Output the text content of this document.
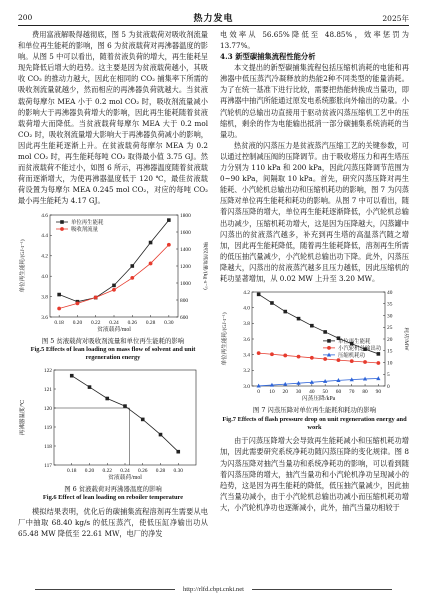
200	热力发电	2025年

费用富液解吸得越彻底，图 5 为贫液载荷对吸收剂流量和单位再生能耗的影响，图 6 为贫液载荷对再沸器温度的影响。从图 5 中可以看出，随着贫液负荷的增大，再生能耗呈现先降低后增大的趋势。这主要是因为贫液载荷越小，其吸收 CO₂ 的推动力越大，因此在相同的 CO₂ 捕集率下所需的吸收剂流量就越少，然而相应的再沸器负荷就越大。当贫液载荷每摩尔 MEA 小于 0.2 mol CO₂ 时，吸收剂流量减小的影响大于再沸器负荷增大的影响，因此再生能耗随着贫液载荷增大而降低。当贫液载荷每摩尔 MEA 大于 0.2 mol CO₂ 时，吸收剂流量增大影响大于再沸器负荷减小的影响，因此再生能耗逐渐上升。在贫液载荷每摩尔 MEA 为 0.2 mol CO₂ 时，再生能耗每吨 CO₂ 取得最小值 3.75 GJ。然而贫液载荷不能过小，如图 6 所示，再沸器温度随着贫液载荷而逐渐增大，为使再沸器温度低于 120 ℃，最佳贫液载荷设置为每摩尔 MEA 0.245 mol CO₂，对应的每吨 CO₂ 最小再生能耗为 4.17 GJ。

0.18 0.20 0.22 0.24 0.26 0.28 0.30
3.6
3.8
4.0
4.2
4.4
4.6
600
800
1000
1200
1400
1600
1800
贫液载荷/mol
单位再生能耗/(GJ·t⁻¹)	吸收剂流量/(kg·s⁻¹)
单位再生能耗
吸收剂流量
图 5 贫液载荷对吸收剂流量和单位再生能耗的影响
Fig.5 Effects of lean loading on mass flow of solvent and unit regeneration energy
0.18 0.20 0.22 0.24 0.26 0.28 0.30
117
118
119
120
121
122
贫液载荷/mol
再沸器温度/℃
图 6 贫液载荷对再沸器温度的影响
Fig.6 Effect of lean loading on reboiler temperature

模拟结果表明，优化后的碳捕集流程溶剂再生需要从电厂中抽取 68.40 kg/s 的低压蒸汽，使低压缸净输出功从 65.48 MW 降低至 22.61 MW，电厂的净发

电效率从 56.65%降低至 48.85%，效率惩罚为 13.77%。

4.3 新型碳捕集流程性能分析

本文提出的新型碳捕集流程包括压缩机消耗的电能和再沸器中低压蒸汽冷凝释放的热能2种不同类型的能量消耗。为了在统一基准下进行比较，需要把热能转换成当量功，即再沸器中抽汽所能通过原发电系统膨胀向外输出的功量。小汽轮机的总输出功直接用于驱动贫液闪蒸压缩机工艺中的压缩机，剩余的作为电能输出抵消一部分碳捕集系统消耗的当量功。

热贫液的闪蒸压力是贫液蒸汽压缩工艺的关键参数，可以通过控制减压阀的压降调节。由于吸收塔压力和再生塔压力分别为 110 kPa 和 200 kPa，因此闪蒸压降调节范围为 0~90 kPa，间隔取 10 kPa。首先，研究闪蒸压降对再生能耗、小汽轮机总输出功和压缩机耗功的影响，图 7 为闪蒸压降对单位再生能耗和耗功的影响。从图 7 中可以看出，随着闪蒸压降的增大，单位再生能耗逐渐降低，小汽轮机总输出功减少，压缩机耗功增大，这是因为压降越大，闪蒸罐中闪蒸出的贫液蒸汽越多，补充到再生塔的高温蒸汽随之增加，因此再生能耗降低，随着再生能耗降低，溶剂再生所需的低压抽汽量减少，小汽轮机总输出功下降。此外，闪蒸压降越大，闪蒸出的贫液蒸汽越多且压力越低，因此压缩机的耗功显著增加，从 0.02 MW 上升至 3.20 MW。

0 10 20 30 40 50 60 70 80 90
3.0
3.2
3.4
3.6
3.8
4.0
4.2
0
5
10
15
20
25
30
35
40
闪蒸压降/kPa
单位再生能耗/(GJ·t⁻¹)	耗功/MW
单位再生能耗
小汽轮机总输出功
压缩机耗功
图 7 闪蒸压降对单位再生能耗和耗功的影响
Fig.7 Effects of flash pressure drop on unit regeneration energy and work

由于闪蒸压降增大会导致再生能耗减小和压缩机耗功增加，因此需要研究系统净耗功随闪蒸压降的变化规律。图 8 为闪蒸压降对抽汽当量功和系统净耗功的影响，可以看到随着闪蒸压降的增大，抽汽当量功和小汽轮机净功呈现减小的趋势，这是因为再生能耗的降低，低压抽汽量减少，因此抽汽当量功减小，由于小汽轮机总输出功减小而压缩机耗功增大，小汽轮机净功也逐渐减小，此外，抽汽当量功相较于

http://rlfd.cbpt.cnki.net
